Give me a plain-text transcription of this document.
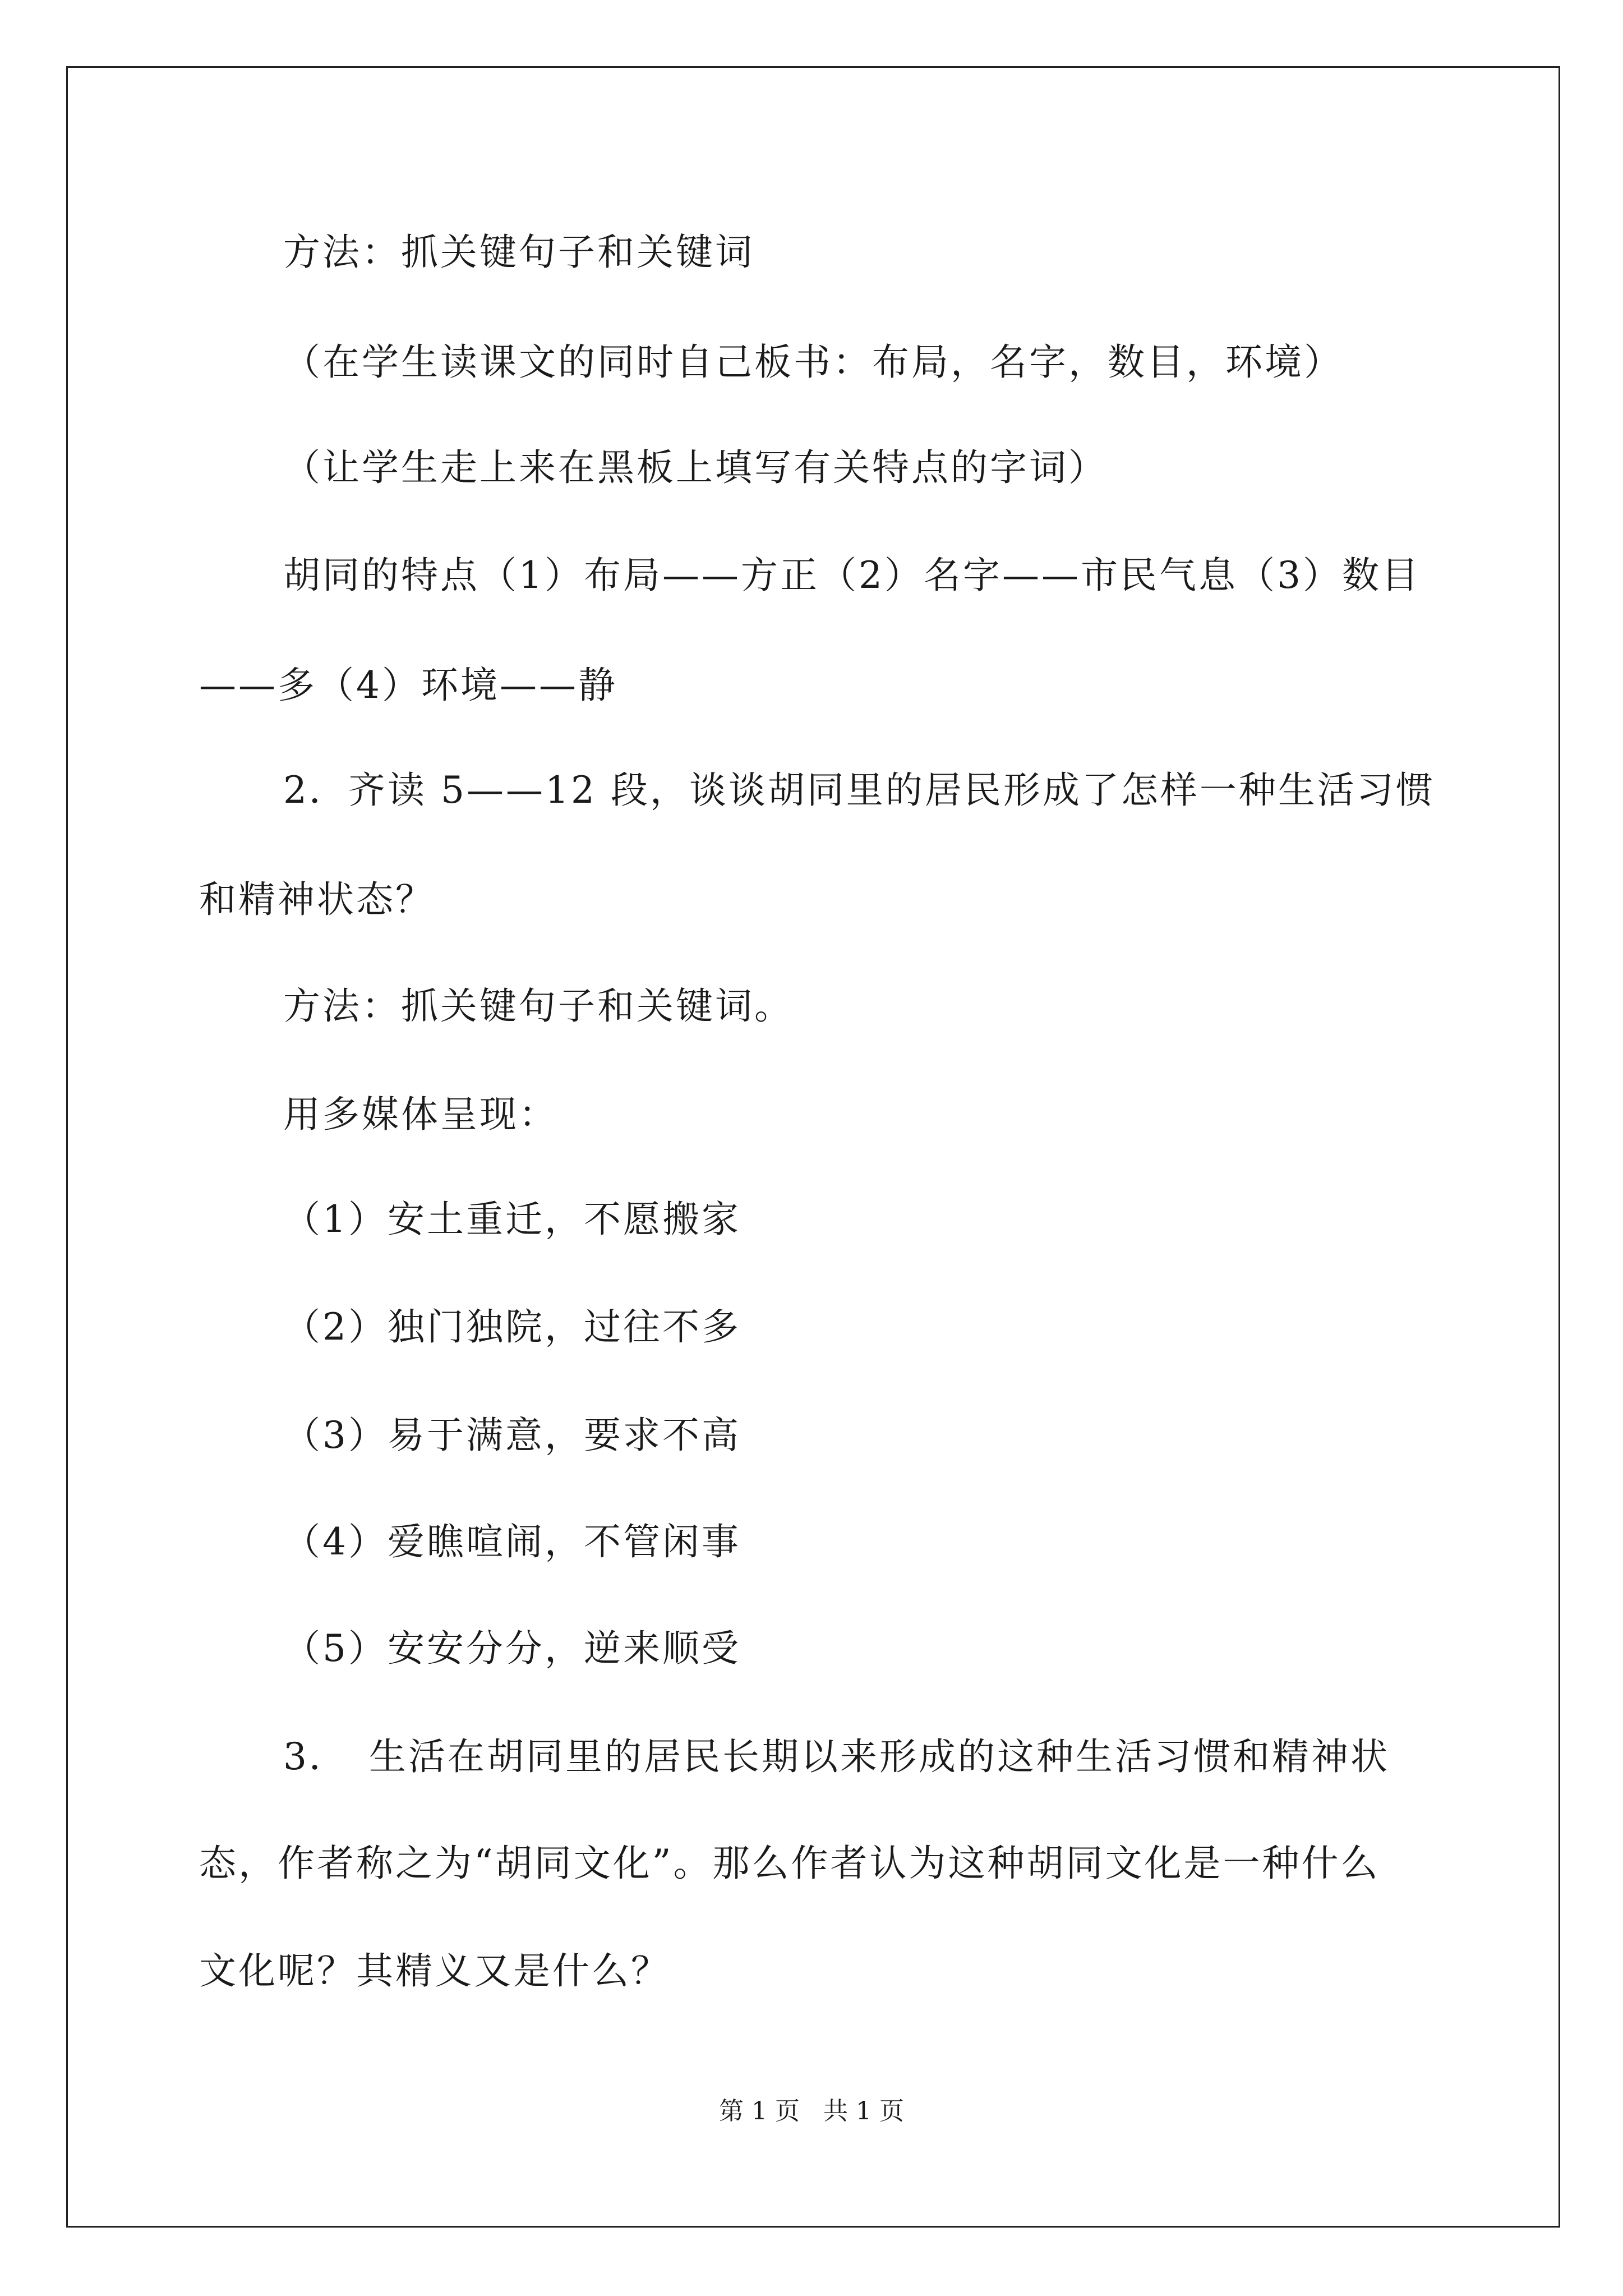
方法：抓关键句子和关键词
（在学生读课文的同时自己板书：布局，名字，数目，环境）
（让学生走上来在黑板上填写有关特点的字词）
胡同的特点（1）布局——方正（2）名字——市民气息（3）数目
——多（4）环境——静
2．齐读 5——12 段，谈谈胡同里的居民形成了怎样一种生活习惯
和精神状态？
方法：抓关键句子和关键词。
用多媒体呈现：
（1）安土重迁，不愿搬家
（2）独门独院，过往不多
（3）易于满意，要求不高
（4）爱瞧喧闹，不管闲事
（5）安安分分，逆来顺受
3．　生活在胡同里的居民长期以来形成的这种生活习惯和精神状
态，作者称之为“胡同文化”。那么作者认为这种胡同文化是一种什么
文化呢？其精义又是什么？
第 1 页 共 1 页
